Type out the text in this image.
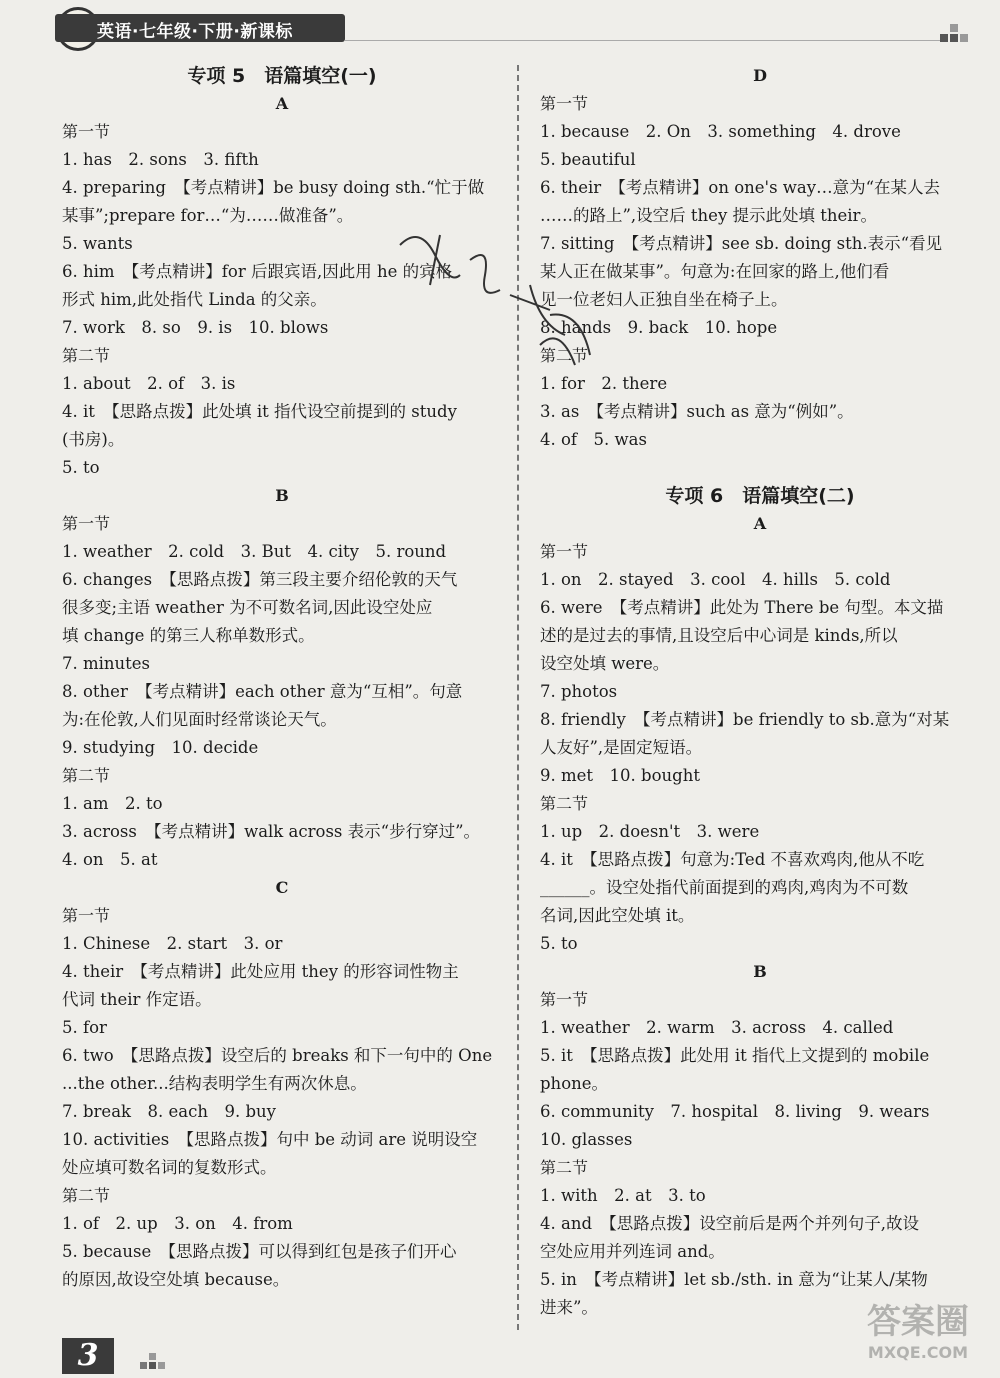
英语·七年级·下册·新课标
专项 5　语篇填空(一)
A
第一节
1. has　2. sons　3. fifth
4. preparing　【考点精讲】be busy doing sth.“忙于做
某事”;prepare for…“为……做准备”。
5. wants
6. him　【考点精讲】for 后跟宾语,因此用 he 的宾格
形式 him,此处指代 Linda 的父亲。
7. work　8. so　9. is　10. blows
第二节
1. about　2. of　3. is
4. it　【思路点拨】此处填 it 指代设空前提到的 study
(书房)。
5. to
B
第一节
1. weather　2. cold　3. But　4. city　5. round
6. changes　【思路点拨】第三段主要介绍伦敦的天气
很多变;主语 weather 为不可数名词,因此设空处应
填 change 的第三人称单数形式。
7. minutes
8. other　【考点精讲】each other 意为“互相”。句意
为:在伦敦,人们见面时经常谈论天气。
9. studying　10. decide
第二节
1. am　2. to
3. across　【考点精讲】walk across 表示“步行穿过”。
4. on　5. at
C
第一节
1. Chinese　2. start　3. or
4. their　【考点精讲】此处应用 they 的形容词性物主
代词 their 作定语。
5. for
6. two　【思路点拨】设空后的 breaks 和下一句中的 One
...the other...结构表明学生有两次休息。
7. break　8. each　9. buy
10. activities　【思路点拨】句中 be 动词 are 说明设空
处应填可数名词的复数形式。
第二节
1. of　2. up　3. on　4. from
5. because　【思路点拨】可以得到红包是孩子们开心
的原因,故设空处填 because。
D
第一节
1. because　2. On　3. something　4. drove
5. beautiful
6. their　【考点精讲】on one's way…意为“在某人去
……的路上”,设空后 they 提示此处填 their。
7. sitting　【考点精讲】see sb. doing sth.表示“看见
某人正在做某事”。句意为:在回家的路上,他们看
见一位老妇人正独自坐在椅子上。
8. hands　9. back　10. hope
第二节
1. for　2. there
3. as　【考点精讲】such as 意为“例如”。
4. of　5. was
专项 6　语篇填空(二)
A
第一节
1. on　2. stayed　3. cool　4. hills　5. cold
6. were　【考点精讲】此处为 There be 句型。本文描
述的是过去的事情,且设空后中心词是 kinds,所以
设空处填 were。
7. photos
8. friendly　【考点精讲】be friendly to sb.意为“对某
人友好”,是固定短语。
9. met　10. bought
第二节
1. up　2. doesn't　3. were
4. it　【思路点拨】句意为:Ted 不喜欢鸡肉,他从不吃
______。设空处指代前面提到的鸡肉,鸡肉为不可数
名词,因此空处填 it。
5. to
B
第一节
1. weather　2. warm　3. across　4. called
5. it　【思路点拨】此处用 it 指代上文提到的 mobile
phone。
6. community　7. hospital　8. living　9. wears
10. glasses
第二节
1. with　2. at　3. to
4. and　【思路点拨】设空前后是两个并列句子,故设
空处应用并列连词 and。
5. in　【考点精讲】let sb./sth. in 意为“让某人/某物
进来”。
3
答案圈
MXQE.COM
